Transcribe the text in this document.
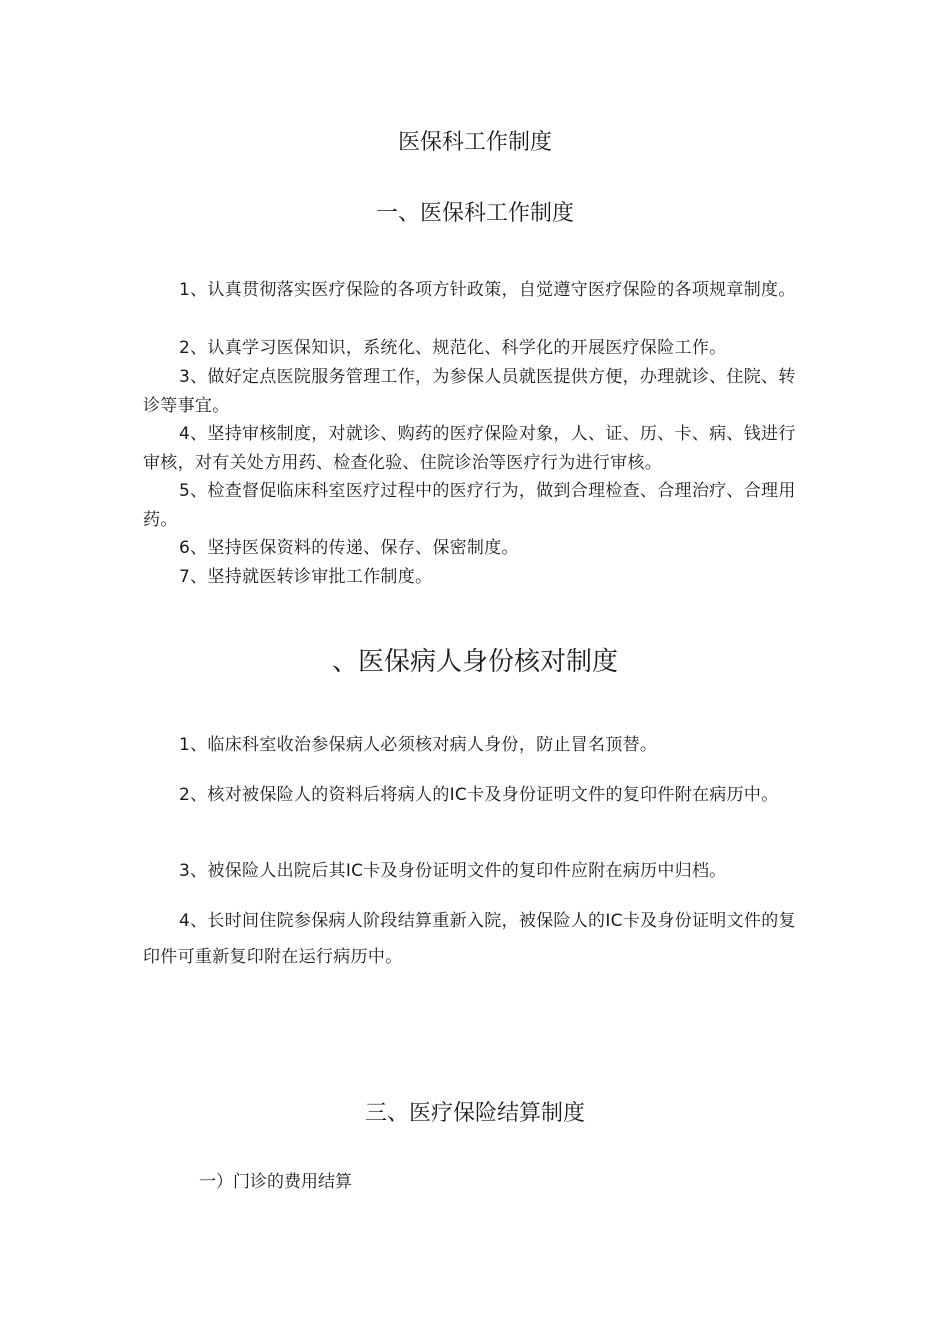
医保科工作制度
一、医保科工作制度

1、认真贯彻落实医疗保险的各项方针政策，自觉遵守医疗保险的各项规章制度。

2、认真学习医保知识，系统化、规范化、科学化的开展医疗保险工作。

3、做好定点医院服务管理工作，为参保人员就医提供方便，办理就诊、住院、转诊等事宜。

4、坚持审核制度，对就诊、购药的医疗保险对象，人、证、历、卡、病、钱进行审核，对有关处方用药、检查化验、住院诊治等医疗行为进行审核。

5、检查督促临床科室医疗过程中的医疗行为，做到合理检查、合理治疗、合理用药。

6、坚持医保资料的传递、保存、保密制度。

7、坚持就医转诊审批工作制度。

、医保病人身份核对制度

1、临床科室收治参保病人必须核对病人身份，防止冒名顶替。

2、核对被保险人的资料后将病人的IC卡及身份证明文件的复印件附在病历中。

3、被保险人出院后其IC卡及身份证明文件的复印件应附在病历中归档。

4、长时间住院参保病人阶段结算重新入院，被保险人的IC卡及身份证明文件的复印件可重新复印附在运行病历中。

三、医疗保险结算制度

一）门诊的费用结算
